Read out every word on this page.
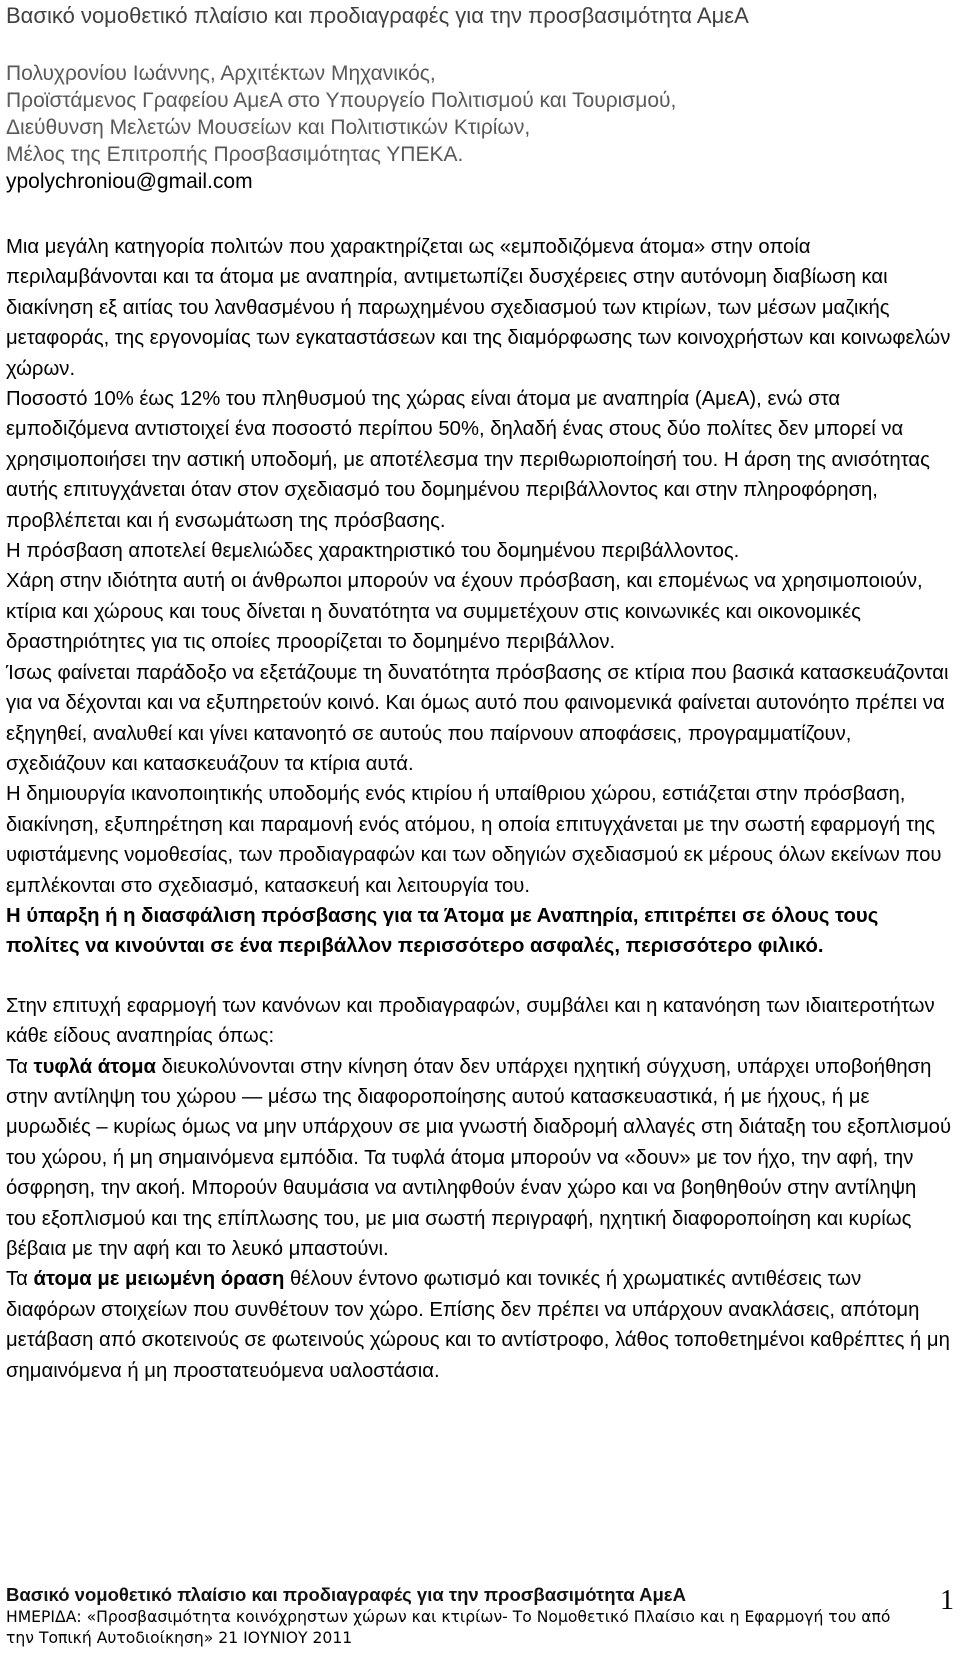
Βασικό νομοθετικό πλαίσιο και προδιαγραφές για την προσβασιμότητα ΑμεΑ
Πολυχρονίου Ιωάννης, Αρχιτέκτων Μηχανικός,
Προϊστάμενος Γραφείου ΑμεΑ στο Υπουργείο Πολιτισμού και Τουρισμού,
Διεύθυνση Μελετών Μουσείων και Πολιτιστικών Κτιρίων,
Μέλος της Επιτροπής Προσβασιμότητας ΥΠΕΚΑ.
ypolychroniou@gmail.com

Μια μεγάλη κατηγορία πολιτών που χαρακτηρίζεται ως «εμποδιζόμενα άτομα» στην οποία περιλαμβάνονται και τα άτομα με αναπηρία, αντιμετωπίζει δυσχέρειες στην αυτόνομη διαβίωση και διακίνηση εξ αιτίας του λανθασμένου ή παρωχημένου σχεδιασμού των κτιρίων, των μέσων μαζικής μεταφοράς, της εργονομίας των εγκαταστάσεων και της διαμόρφωσης των κοινοχρήστων και κοινωφελών χώρων.

Ποσοστό 10% έως 12% του πληθυσμού της χώρας είναι άτομα με αναπηρία (ΑμεΑ), ενώ στα εμποδιζόμενα αντιστοιχεί ένα ποσοστό περίπου 50%, δηλαδή ένας στους δύο πολίτες δεν μπορεί να χρησιμοποιήσει την αστική υποδομή, με αποτέλεσμα την περιθωριοποίησή του. Η άρση της ανισότητας αυτής επιτυγχάνεται όταν στον σχεδιασμό του δομημένου περιβάλλοντος και στην πληροφόρηση, προβλέπεται και ή ενσωμάτωση της πρόσβασης.

Η πρόσβαση αποτελεί θεμελιώδες χαρακτηριστικό του δομημένου περιβάλλοντος.

Χάρη στην ιδιότητα αυτή οι άνθρωποι μπορούν να έχουν πρόσβαση, και επομένως να χρησιμοποιούν, κτίρια και χώρους και τους δίνεται η δυνατότητα να συμμετέχουν στις κοινωνικές και οικονομικές δραστηριότητες για τις οποίες προορίζεται το δομημένο περιβάλλον.

Ίσως φαίνεται παράδοξο να εξετάζουμε τη δυνατότητα πρόσβασης σε κτίρια που βασικά κατασκευάζονται για να δέχονται και να εξυπηρετούν κοινό. Και όμως αυτό που φαινομενικά φαίνεται αυτονόητο πρέπει να εξηγηθεί, αναλυθεί και γίνει κατανοητό σε αυτούς που παίρνουν αποφάσεις, προγραμματίζουν, σχεδιάζουν και κατασκευάζουν τα κτίρια αυτά.

Η δημιουργία ικανοποιητικής υποδομής ενός κτιρίου ή υπαίθριου χώρου, εστιάζεται στην πρόσβαση, διακίνηση, εξυπηρέτηση και παραμονή ενός ατόμου, η οποία επιτυγχάνεται με την σωστή εφαρμογή της υφιστάμενης νομοθεσίας, των προδιαγραφών και των οδηγιών σχεδιασμού εκ μέρους όλων εκείνων που εμπλέκονται στο σχεδιασμό, κατασκευή και λειτουργία του.

Η ύπαρξη ή η διασφάλιση πρόσβασης για τα Άτομα με Αναπηρία, επιτρέπει σε όλους τους πολίτες να κινούνται σε ένα περιβάλλον περισσότερο ασφαλές, περισσότερο φιλικό.

Στην επιτυχή εφαρμογή των κανόνων και προδιαγραφών, συμβάλει και η κατανόηση των ιδιαιτεροτήτων κάθε είδους αναπηρίας όπως:

Τα τυφλά άτομα διευκολύνονται στην κίνηση όταν δεν υπάρχει ηχητική σύγχυση, υπάρχει υποβοήθηση στην αντίληψη του χώρου — μέσω της διαφοροποίησης αυτού κατασκευαστικά, ή με ήχους, ή με μυρωδιές – κυρίως όμως να μην υπάρχουν σε μια γνωστή διαδρομή αλλαγές στη διάταξη του εξοπλισμού του χώρου, ή μη σημαινόμενα εμπόδια. Τα τυφλά άτομα μπορούν να «δουν» με τον ήχο, την αφή, την όσφρηση, την ακοή. Μπορούν θαυμάσια να αντιληφθούν έναν χώρο και να βοηθηθούν στην αντίληψη του εξοπλισμού και της επίπλωσης του, με μια σωστή περιγραφή, ηχητική διαφοροποίηση και κυρίως βέβαια με την αφή και το λευκό μπαστούνι.

Τα άτομα με μειωμένη όραση θέλουν έντονο φωτισμό και τονικές ή χρωματικές αντιθέσεις των διαφόρων στοιχείων που συνθέτουν τον χώρο. Επίσης δεν πρέπει να υπάρχουν ανακλάσεις, απότομη μετάβαση από σκοτεινούς σε φωτεινούς χώρους και το αντίστροφο, λάθος τοποθετημένοι καθρέπτες ή μη σημαινόμενα ή μη προστατευόμενα υαλοστάσια.

Βασικό νομοθετικό πλαίσιο και προδιαγραφές για την προσβασιμότητα ΑμεΑ
ΗΜΕΡΙΔΑ: «Προσβασιμότητα κοινόχρηστων χώρων και κτιρίων- Το Νομοθετικό Πλαίσιο και η Εφαρμογή του από την Τοπική Αυτοδιοίκηση» 21 ΙΟΥΝΙΟΥ 2011
1
